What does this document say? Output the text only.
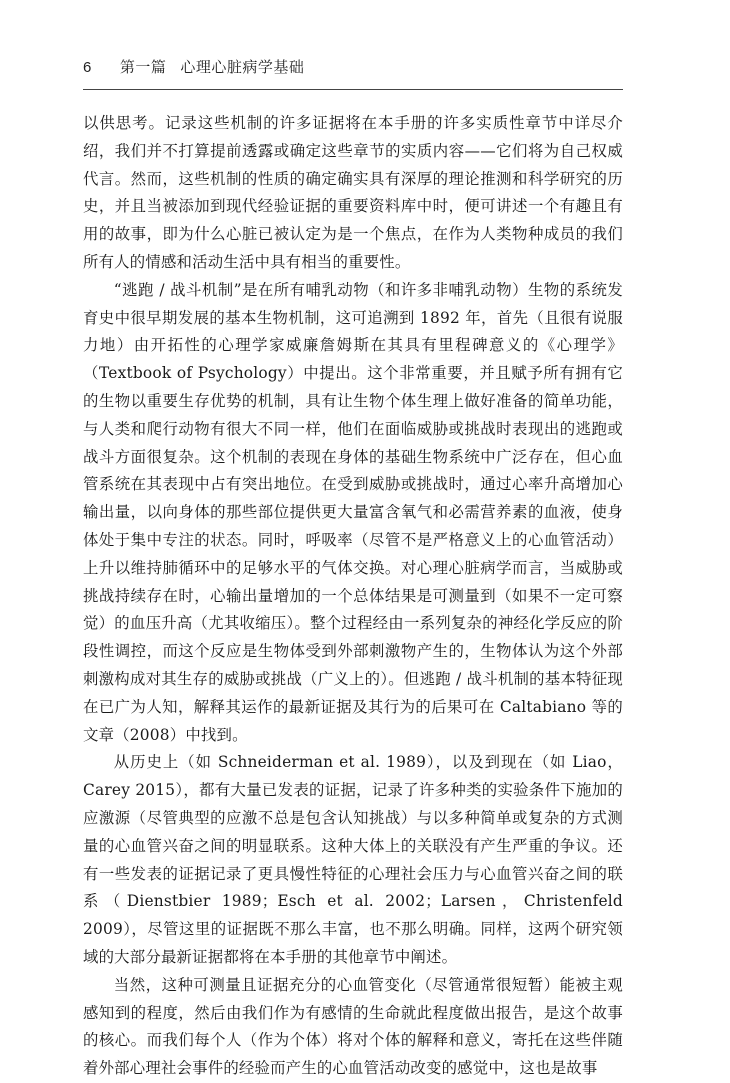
6 第一篇 心理心脏病学基础

以供思考。记录这些机制的许多证据将在本手册的许多实质性章节中详尽介绍，我们并不打算提前透露或确定这些章节的实质内容——它们将为自己权威代言。然而，这些机制的性质的确定确实具有深厚的理论推测和科学研究的历史，并且当被添加到现代经验证据的重要资料库中时，便可讲述一个有趣且有用的故事，即为什么心脏已被认定为是一个焦点，在作为人类物种成员的我们所有人的情感和活动生活中具有相当的重要性。

“逃跑 / 战斗机制”是在所有哺乳动物（和许多非哺乳动物）生物的系统发育史中很早期发展的基本生物机制，这可追溯到 1892 年，首先（且很有说服力地）由开拓性的心理学家威廉詹姆斯在其具有里程碑意义的《心理学》（Textbook of Psychology）中提出。这个非常重要，并且赋予所有拥有它的生物以重要生存优势的机制，具有让生物个体生理上做好准备的简单功能，与人类和爬行动物有很大不同一样，他们在面临威胁或挑战时表现出的逃跑或战斗方面很复杂。这个机制的表现在身体的基础生物系统中广泛存在，但心血管系统在其表现中占有突出地位。在受到威胁或挑战时，通过心率升高增加心输出量，以向身体的那些部位提供更大量富含氧气和必需营养素的血液，使身体处于集中专注的状态。同时，呼吸率（尽管不是严格意义上的心血管活动）上升以维持肺循环中的足够水平的气体交换。对心理心脏病学而言，当威胁或挑战持续存在时，心输出量增加的一个总体结果是可测量到（如果不一定可察觉）的血压升高（尤其收缩压）。整个过程经由一系列复杂的神经化学反应的阶段性调控，而这个反应是生物体受到外部刺激物产生的，生物体认为这个外部刺激构成对其生存的威胁或挑战（广义上的）。但逃跑 / 战斗机制的基本特征现在已广为人知，解释其运作的最新证据及其行为的后果可在 Caltabiano 等的文章（2008）中找到。

从历史上（如 Schneiderman et al. 1989），以及到现在（如 Liao，Carey 2015），都有大量已发表的证据，记录了许多种类的实验条件下施加的应激源（尽管典型的应激不总是包含认知挑战）与以多种简单或复杂的方式测量的心血管兴奋之间的明显联系。这种大体上的关联没有产生严重的争议。还有一些发表的证据记录了更具慢性特征的心理社会压力与心血管兴奋之间的联系（Dienstbier 1989；Esch et al. 2002；Larsen，Christenfeld 2009），尽管这里的证据既不那么丰富，也不那么明确。同样，这两个研究领域的大部分最新证据都将在本手册的其他章节中阐述。

当然，这种可测量且证据充分的心血管变化（尽管通常很短暂）能被主观感知到的程度，然后由我们作为有感情的生命就此程度做出报告，是这个故事的核心。而我们每个人（作为个体）将对个体的解释和意义，寄托在这些伴随着外部心理社会事件的经验而产生的心血管活动改变的感觉中，这也是故事
